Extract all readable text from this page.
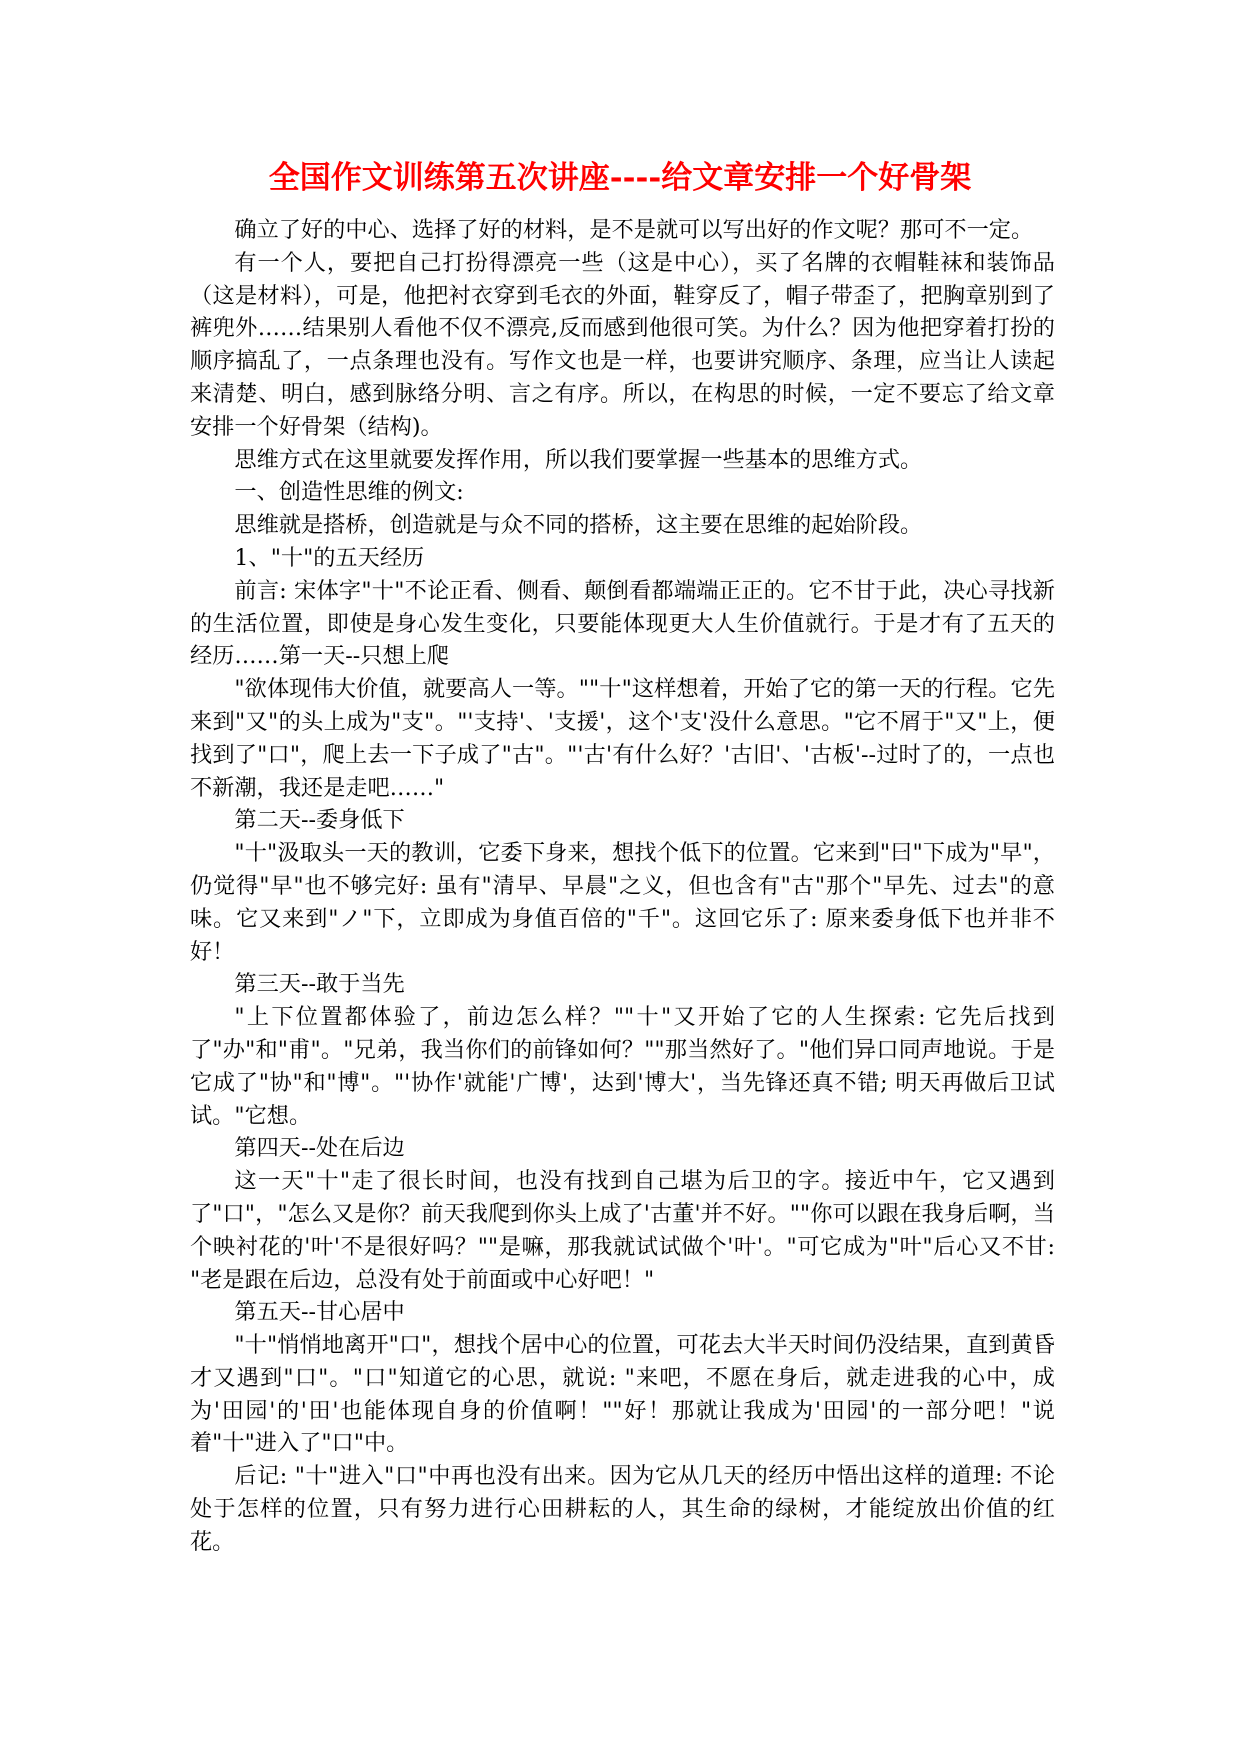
全国作文训练第五次讲座----给文章安排一个好骨架

确立了好的中心、选择了好的材料，是不是就可以写出好的作文呢？那可不一定。

有一个人，要把自己打扮得漂亮一些（这是中心），买了名牌的衣帽鞋袜和装饰品（这是材料），可是，他把衬衣穿到毛衣的外面，鞋穿反了，帽子带歪了，把胸章别到了裤兜外……结果别人看他不仅不漂亮,反而感到他很可笑。为什么？因为他把穿着打扮的顺序搞乱了，一点条理也没有。写作文也是一样，也要讲究顺序、条理，应当让人读起来清楚、明白，感到脉络分明、言之有序。所以，在构思的时候，一定不要忘了给文章安排一个好骨架（结构)。

思维方式在这里就要发挥作用，所以我们要掌握一些基本的思维方式。

一、创造性思维的例文:

思维就是搭桥，创造就是与众不同的搭桥，这主要在思维的起始阶段。

1、"十"的五天经历

前言: 宋体字"十"不论正看、侧看、颠倒看都端端正正的。它不甘于此，决心寻找新的生活位置，即使是身心发生变化，只要能体现更大人生价值就行。于是才有了五天的经历……第一天--只想上爬

"欲体现伟大价值，就要高人一等。""十"这样想着，开始了它的第一天的行程。它先来到"又"的头上成为"支"。"'支持'、'支援'，这个'支'没什么意思。"它不屑于"又"上，便找到了"口"，爬上去一下子成了"古"。"'古'有什么好？'古旧'、'古板'--过时了的，一点也不新潮，我还是走吧……"

第二天--委身低下

"十"汲取头一天的教训，它委下身来，想找个低下的位置。它来到"曰"下成为"早"，仍觉得"早"也不够完好: 虽有"清早、早晨"之义，但也含有"古"那个"早先、过去"的意味。它又来到"ノ"下，立即成为身值百倍的"千"。这回它乐了: 原来委身低下也并非不好！

第三天--敢于当先

"上下位置都体验了，前边怎么样？""十"又开始了它的人生探索: 它先后找到了"办"和"甫"。"兄弟，我当你们的前锋如何？""那当然好了。"他们异口同声地说。于是它成了"协"和"博"。"'协作'就能'广博'，达到'博大'，当先锋还真不错; 明天再做后卫试试。"它想。

第四天--处在后边

这一天"十"走了很长时间，也没有找到自己堪为后卫的字。接近中午，它又遇到了"口"，"怎么又是你？前天我爬到你头上成了'古董'并不好。""你可以跟在我身后啊，当个映衬花的'叶'不是很好吗？""是嘛，那我就试试做个'叶'。"可它成为"叶"后心又不甘: "老是跟在后边，总没有处于前面或中心好吧！"

第五天--甘心居中

"十"悄悄地离开"口"，想找个居中心的位置，可花去大半天时间仍没结果，直到黄昏才又遇到"口"。"口"知道它的心思，就说: "来吧，不愿在身后，就走进我的心中，成为'田园'的'田'也能体现自身的价值啊！""好！那就让我成为'田园'的一部分吧！"说着"十"进入了"口"中。

后记: "十"进入"口"中再也没有出来。因为它从几天的经历中悟出这样的道理: 不论处于怎样的位置，只有努力进行心田耕耘的人，其生命的绿树，才能绽放出价值的红花。
